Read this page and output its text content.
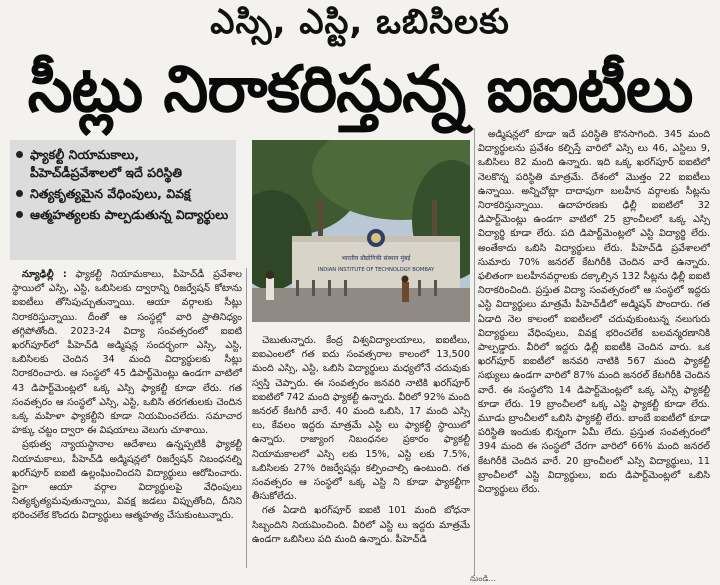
ఎస్సి, ఎస్టి, ఒబిసిలకు
సీట్లు నిరాకరిస్తున్న ఐఐటీలు
ఫ్యాకల్టీ నియామకాలు, పీహెచ్‌డీప్రవేశాలలో ఇదే పరిస్థితి
నిత్యకృత్యమైన వేధింపులు, వివక్ష
ఆత్మహత్యలకు పాల్పడుతున్న విద్యార్థులు
भारतीय प्रौद्योगिकी संस्थान मुंबई
INDIAN INSTITUTE OF TECHNOLOGY BOMBAY

న్యూఢిల్లీ : ఫ్యాకల్టీ నియామకాలు, పీహెచ్‌డీ ప్రవేశాల స్థాయిలో ఎస్సి, ఎస్టి, ఒబిసిలకు ద్వారాన్ని రిజర్వేషన్ కోటాను ఐఐటీలు తోసిపుచ్చుతున్నాయి. ఆయా వర్గాలకు సీట్లు నిరాకరిస్తున్నాయి. దీంతో ఆ సంస్థల్లో వారి ప్రాతినిధ్యం తగ్గిపోతోంది. 2023-24 విద్యా సంవత్సరంలో ఐఐటి ఖరగ్‌పూర్‌లో పీహెచ్‌డి అడ్మిషన్ల సందర్భంగా ఎస్సి, ఎస్టి, ఒబిసిలకు చెందిన 34 మంది విద్యార్థులకు సీట్లు నిరాకరించారు. ఆ సంస్థలో 45 డిపార్ట్‌మెంట్లు ఉండగా వాటిలో 43 డిపార్ట్‌మెంట్లలో ఒక్క ఎస్సి ఫ్యాకల్టీ కూడా లేరు. గత సంవత్సరం ఆ సంస్థలో ఎస్సి, ఎస్టి, ఒబిసి తరగతులకు చెందిన ఒక్క మహిళా ఫ్యాకల్టీని కూడా నియమించలేదు. సమాచార హక్కు చట్టం ద్వారా ఈ విషయాలు వెలుగు చూశాయి.

ప్రభుత్వ న్యాయస్థానాల ఆదేశాలు ఉన్నప్పటికీ ఫ్యాకల్టీ నియామకాలు, పీహెచ్‌డి అడ్మిషన్లలో రిజర్వేషన్ నిబంధనల్ని ఖరగ్‌పూర్ ఐఐటి ఉల్లంఘించిందని విద్యార్థులు ఆరోపించారు. పైగా ఆయా వర్గాల విద్యార్థులపై వేధింపులు నిత్యకృత్యమవుతున్నాయి, వివక్ష జడలు విప్పుతోంది, దీనిని భరించలేక కొందరు విద్యార్థులు ఆత్మహత్య చేసుకుంటున్నారు.

చెబుతున్నారు. కేంద్ర విశ్వవిద్యాలయాలు, ఐఐటీలు, ఐఐఎంలలో గత ఐదు సంవత్సరాల కాలంలో 13,500 మంది ఎస్సి, ఎస్టి, ఒబిసి విద్యార్థులు మధ్యలోనే చదువుకు స్వస్తి చెప్పారు. ఈ సంవత్సరం జనవరి నాటికి ఖరగ్‌పూర్ ఐఐటిలో 742 మంది ఫ్యాకల్టీ ఉన్నారు. వీరిలో 92% మంది జనరల్ కేటగిరీ వారే. 40 మంది ఒబిసి, 17 మంది ఎస్సి లు, కేవలం ఇద్దరు మాత్రమే ఎస్టి లు ఫ్యాకల్టీ స్థాయిలో ఉన్నారు. రాజ్యాంగ నిబంధనల ప్రకారం ఫ్యాకల్టీ నియామకాలలో ఎస్సి లకు 15%, ఎస్టి లకు 7.5%, ఒబిసిలకు 27% రిజర్వేషన్లు కల్పించాల్సి ఉంటుంది. గత సంవత్సరం ఆ సంస్థలో ఒక్క ఎస్టి ని కూడా ఫ్యాకల్టీగా తీసుకోలేదు.

గత ఏడాది ఖరగ్‌పూర్ ఐఐటి 101 మంది బోధనా సిబ్బందిని నియమించింది. వీరిలో ఎస్టి లు ఇద్దరు మాత్రమే ఉండగా ఒబిసిలు పది మంది ఉన్నారు. పీహెచ్‌డి

అడ్మిషన్లలో కూడా ఇదే పరిస్థితి కొనసాగింది. 345 మంది విద్యార్థులను ప్రవేశం కల్పిస్తే వారిలో ఎస్సి లు 46, ఎస్టిలు 9, ఒబిసిలు 82 మంది ఉన్నారు. ఇది ఒక్క ఖరగ్‌పూర్ ఐఐటిలో నెలకొన్న పరిస్థితి మాత్రమే. దేశంలో మొత్తం 22 ఐఐటీలు ఉన్నాయి. అన్నిచోట్లా దాదాపుగా బలహీన వర్గాలకు సీట్లను నిరాకరిస్తున్నాయి. ఉదాహరణకు ఢిల్లీ ఐఐటిలో 32 డిపార్ట్‌మెంట్లు ఉండగా వాటిలో 25 బ్రాంచీలలో ఒక్క ఎస్సి విద్యార్థి కూడా లేరు. పది డిపార్ట్‌మెంట్లలో ఎస్టి విద్యార్థి లేరు. అంతేకాదు ఒబిసి విద్యార్థులు లేరు. పీహెచ్‌డి ప్రవేశాలలో సుమారు 70% జనరల్ కేటగిరీకి చెందిన వారే ఉన్నారు. ఫలితంగా బలహీనవర్గాలకు దక్కాల్సిన 132 సీట్లను ఢిల్లీ ఐఐటి నిరాకరించింది. ప్రస్తుత విద్యా సంవత్సరంలో ఆ సంస్థలో ఇద్దరు ఎస్టి విద్యార్థులు మాత్రమే పీహెచ్‌డీలో అడ్మిషన్ పొందారు. గత ఏడాది నెల కాలంలో ఐఐటీలలో చదువుకుంటున్న నలుగురు విద్యార్థులు వేధింపులు, వివక్ష భరించలేక బలవన్మరణానికి పాల్పడ్డారు. వీరిలో ఇద్దరు ఢిల్లీ ఐఐటీకి చెందిన వారు. ఒక ఖరగ్‌పూర్ ఐఐటీలో జనవరి నాటికి 567 మంది ఫ్యాకల్టీ సభ్యులు ఉండగా వారిలో 87% మంది జనరల్ కేటగిరీకి చెందిన వారే. ఈ సంస్థలోని 14 డిపార్ట్‌మెంట్లలో ఒక్క ఎస్సి ఫ్యాకల్టీ కూడా లేరు. 19 బ్రాంచీలలో ఒక్క ఎస్టి ఫ్యాకల్టీ కూడా లేరు. మూడు బ్రాంచీలలో ఒబిసి ఫ్యాకల్టీ లేరు. బాంబే ఐఐటీలో కూడా పరిస్థితి ఇందుకు భిన్నంగా ఏమీ లేదు. ప్రస్తుత సంవత్సరంలో 394 మంది ఈ సంస్థలో చేరగా వారిలో 66% మంది జనరల్ కేటగిరీకి చెందిన వారే. 20 బ్రాంచీలలో ఎస్సి విద్యార్థులు, 11 బ్రాంచీలలో ఎస్టి విద్యార్థులు, ఐదు డిపార్ట్‌మెంట్లలో ఒబిసి విద్యార్థులు లేరు.

నుండి...
